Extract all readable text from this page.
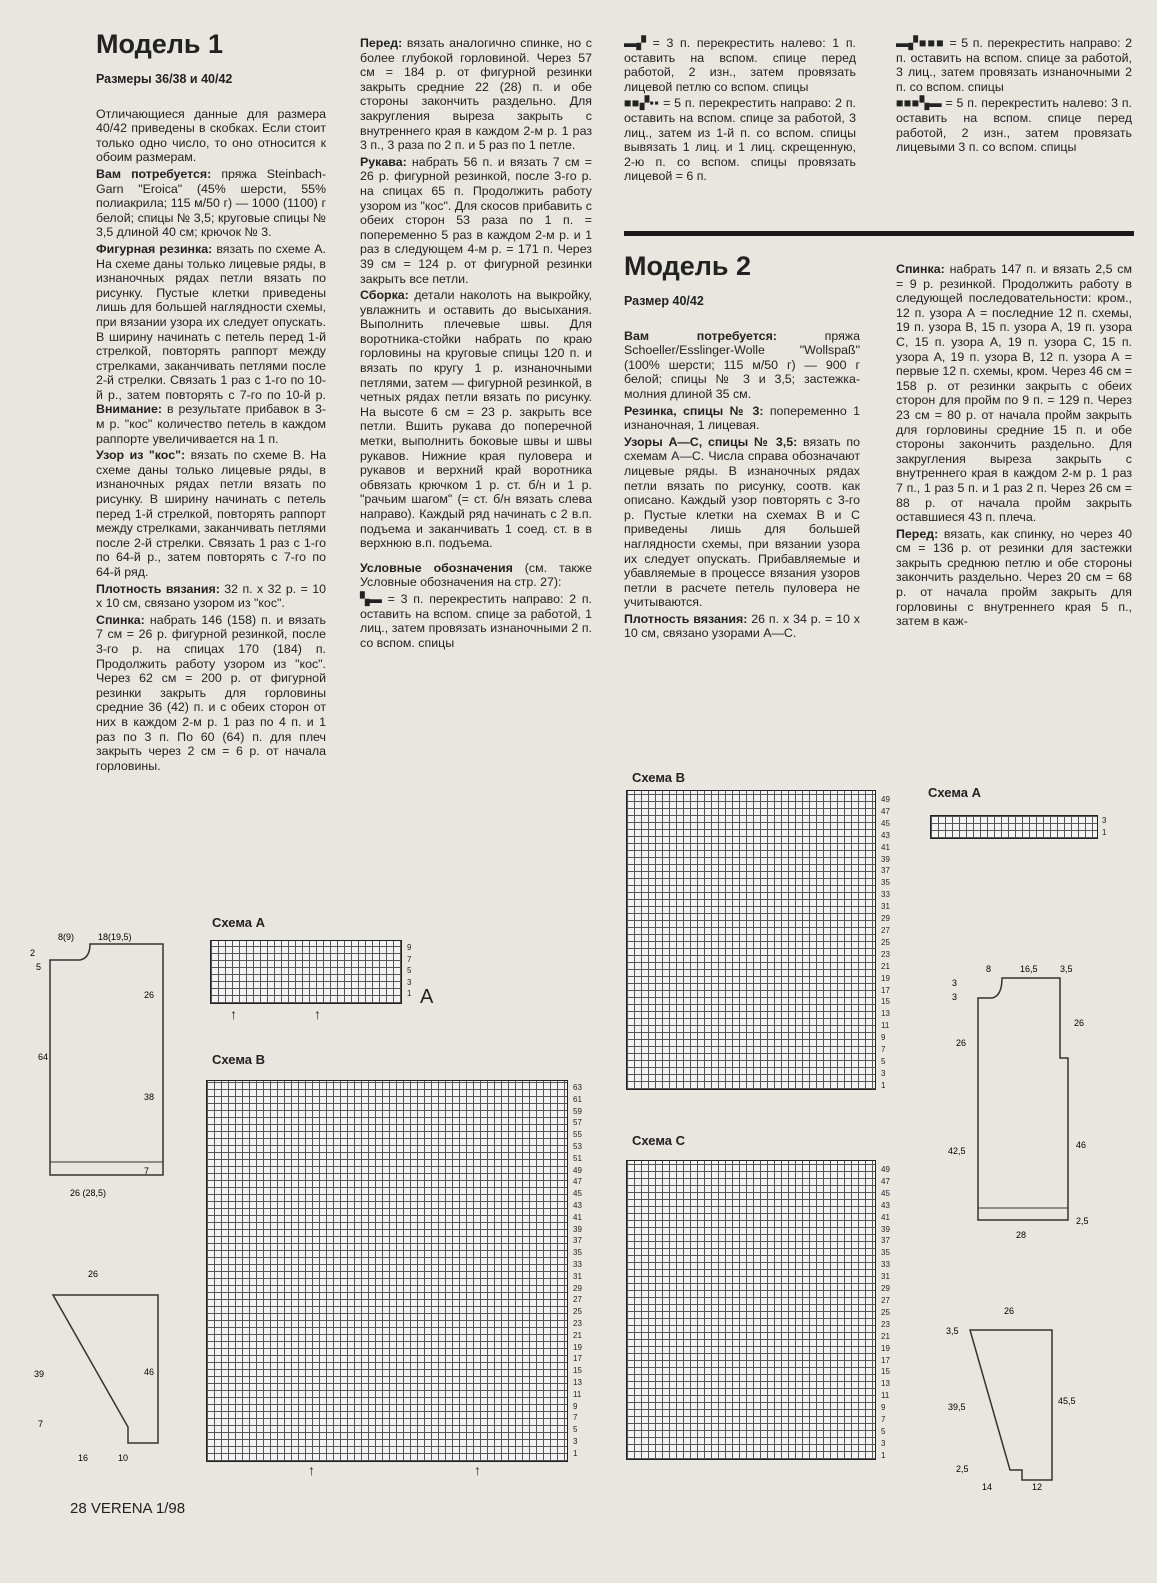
Модель 1
Размеры 36/38 и 40/42

Отличающиеся данные для размера 40/42 приведены в скобках. Если стоит только одно число, то оно относится к обоим размерам.

Вам потребуется: пряжа Steinbach-Garn "Eroica" (45% шерсти, 55% полиакрила; 115 м/50 г) — 1000 (1100) г белой; спицы № 3,5; круговые спицы № 3,5 длиной 40 см; крючок № 3.

Фигурная резинка: вязать по схеме А. На схеме даны только лицевые ряды, в изнаночных рядах петли вязать по рисунку. Пустые клетки приведены лишь для большей наглядности схемы, при вязании узора их следует опускать. В ширину начинать с петель перед 1-й стрелкой, повторять раппорт между стрелками, заканчивать петлями после 2-й стрелки. Связать 1 раз с 1-го по 10-й р., затем повторять с 7-го по 10-й р. Внимание: в результате прибавок в 3-м р. "кос" количество петель в каждом раппорте увеличивается на 1 п.

Узор из "кос": вязать по схеме В. На схеме даны только лицевые ряды, в изнаночных рядах петли вязать по рисунку. В ширину начинать с петель перед 1-й стрелкой, повторять раппорт между стрелками, заканчивать петлями после 2-й стрелки. Связать 1 раз с 1-го по 64-й р., затем повторять с 7-го по 64-й ряд.

Плотность вязания: 32 п. х 32 р. = 10 х 10 см, связано узором из "кос".

Спинка: набрать 146 (158) п. и вязать 7 см = 26 р. фигурной резинкой, после 3-го р. на спицах 170 (184) п. Продолжить работу узором из "кос". Через 62 см = 200 р. от фигурной резинки закрыть для горловины средние 36 (42) п. и с обеих сторон от них в каждом 2-м р. 1 раз по 4 п. и 1 раз по 3 п. По 60 (64) п. для плеч закрыть через 2 см = 6 р. от начала горловины.

Перед: вязать аналогично спинке, но с более глубокой горловиной. Через 57 см = 184 р. от фигурной резинки закрыть средние 22 (28) п. и обе стороны закончить раздельно. Для закругления выреза закрыть с внутреннего края в каждом 2-м р. 1 раз 3 п., 3 раза по 2 п. и 5 раз по 1 петле.

Рукава: набрать 56 п. и вязать 7 см = 26 р. фигурной резинкой, после 3-го р. на спицах 65 п. Продолжить работу узором из "кос". Для скосов прибавить с обеих сторон 53 раза по 1 п. = попеременно 5 раз в каждом 2-м р. и 1 раз в следующем 4-м р. = 171 п. Через 39 см = 124 р. от фигурной резинки закрыть все петли.

Сборка: детали наколоть на выкройку, увлажнить и оставить до высыхания. Выполнить плечевые швы. Для воротника-стойки набрать по краю горловины на круговые спицы 120 п. и вязать по кругу 1 р. изнаночными петлями, затем — фигурной резинкой, в четных рядах петли вязать по рисунку. На высоте 6 см = 23 р. закрыть все петли. Вшить рукава до поперечной метки, выполнить боковые швы и швы рукавов. Нижние края пуловера и рукавов и верхний край воротника обвязать крючком 1 р. ст. б/н и 1 р. "рачьим шагом" (= ст. б/н вязать слева направо). Каждый ряд начинать с 2 в.п. подъема и заканчивать 1 соед. ст. в в верхнюю в.п. подъема.

Условные обозначения (см. также Условные обозначения на стр. 27):

▚▬ = 3 п. перекрестить направо: 2 п. оставить на вспом. спице за работой, 1 лиц., затем провязать изнаночными 2 п. со вспом. спицы

▬▞ = 3 п. перекрестить налево: 1 п. оставить на вспом. спице перед работой, 2 изн., затем провязать лицевой петлю со вспом. спицы

■■▞▪▪ = 5 п. перекрестить направо: 2 п. оставить на вспом. спице за работой, 3 лиц., затем из 1-й п. со вспом. спицы вывязать 1 лиц. и 1 лиц. скрещенную, 2-ю п. со вспом. спицы провязать лицевой = 6 п.

▬▞■■■ = 5 п. перекрестить направо: 2 п. оставить на вспом. спице за работой, 3 лиц., затем провязать изнаночными 2 п. со вспом. спицы

■■■▚▬ = 5 п. перекрестить налево: 3 п. оставить на вспом. спице перед работой, 2 изн., затем провязать лицевыми 3 п. со вспом. спицы

Модель 2
Размер 40/42

Вам потребуется:	пряжа Schoeller/Esslinger-Wolle "Wollspaß" (100% шерсти; 115 м/50 г) — 900 г белой; спицы № 3 и 3,5; застежка-молния длиной 35 см.

Резинка, спицы № 3: попеременно 1 изнаночная, 1 лицевая.

Узоры А—С, спицы № 3,5: вязать по схемам А—С. Числа справа обозначают лицевые ряды. В изнаночных рядах петли вязать по рисунку, соотв. как описано. Каждый узор повторять с 3-го р. Пустые клетки на схемах В и С приведены лишь для большей наглядности схемы, при вязании узора их следует опускать. Прибавляемые и убавляемые в процессе вязания узоров петли в расчете петель пуловера не учитываются.

Плотность вязания: 26 п. х 34 р. = 10 х 10 см, связано узорами А—С.

Спинка: набрать 147 п. и вязать 2,5 см = 9 р. резинкой. Продолжить работу в следующей последовательности: кром., 12 п. узора А = последние 12 п. схемы, 19 п. узора В, 15 п. узора А, 19 п. узора С, 15 п. узора А, 19 п. узора С, 15 п. узора А, 19 п. узора В, 12 п. узора А = первые 12 п. схемы, кром. Через 46 см = 158 р. от резинки закрыть с обеих сторон для пройм по 9 п. = 129 п. Через 23 см = 80 р. от начала пройм закрыть для горловины средние 15 п. и обе стороны закончить раздельно. Для закругления выреза закрыть с внутреннего края в каждом 2-м р. 1 раз 7 п., 1 раз 5 п. и 1 раз 2 п. Через 26 см = 88 р. от начала пройм закрыть оставшиеся 43 п. плеча.

Перед: вязать, как спинку, но через 40 см = 136 р. от резинки для застежки закрыть среднюю петлю и обе стороны закончить раздельно. Через 20 см = 68 р. от начала пройм закрыть для горловины с внутреннего края 5 п., затем в каж-

Схема А
9
7
5
3
1 A
↑	↑
Схема В
63
61
59
57
55
53
51
49
47
45
43
41
39
37
35
33
31
29
27
25
23
21
19
17
15
13
11
9
7
5
3
1
↑	↑
8(9)	18(19,5)
2
5
64
26
38
7
26 (28,5)
26
39
7
46
16	10
Схема В
49
47
45
43
41
39
37
35
33
31
29
27
25
23
21
19
17
15
13
11
9
7
5
3
1
Схема А
3
1
Схема С
49
47
45
43
41
39
37
35
33
31
29
27
25
23
21
19
17
15
13
11
9
7
5
3
1
8	16,5 3,5
3
3
26
26
42,5
46
2,5
28
26
3,5
39,5
45,5
2,5
14	12
28 VERENA 1/98
